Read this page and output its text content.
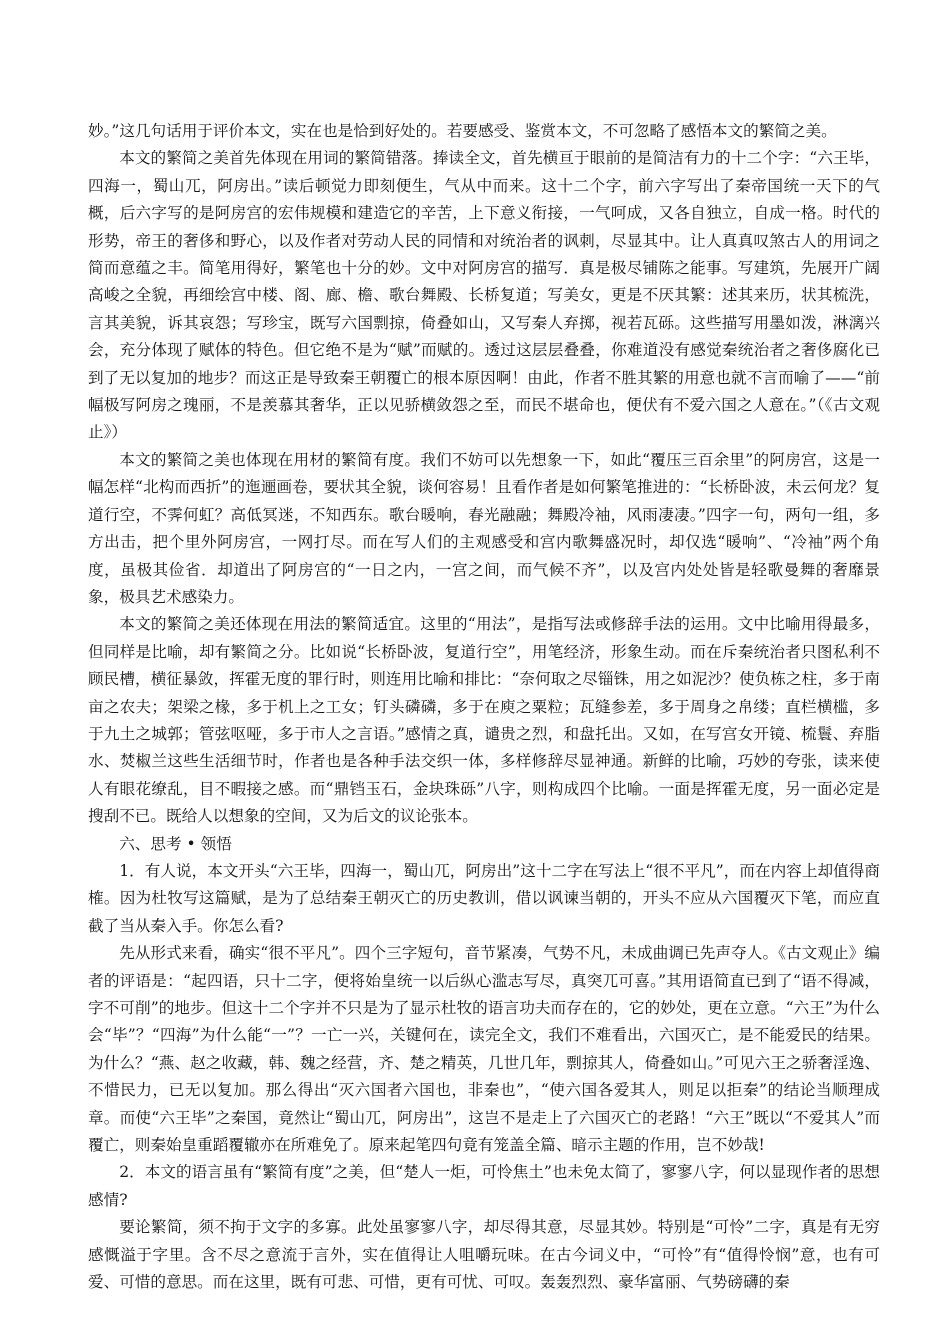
妙。”这几句话用于评价本文，实在也是恰到好处的。若要感受、鉴赏本文，不可忽略了感悟本文的繁简之美。

本文的繁简之美首先体现在用词的繁简错落。捧读全文，首先横亘于眼前的是简洁有力的十二个字：“六王毕，四海一，蜀山兀，阿房出。”读后顿觉力即刻便生，气从中而来。这十二个字，前六字写出了秦帝国统一天下的气概，后六字写的是阿房宫的宏伟规模和建造它的辛苦，上下意义衔接，一气呵成，又各自独立，自成一格。时代的形势，帝王的奢侈和野心，以及作者对劳动人民的同情和对统治者的讽刺，尽显其中。让人真真叹煞古人的用词之简而意蕴之丰。简笔用得好，繁笔也十分的妙。文中对阿房宫的描写．真是极尽铺陈之能事。写建筑，先展开广阔高峻之全貌，再细绘宫中楼、阁、廊、檐、歌台舞殿、长桥复道；写美女，更是不厌其繁：述其来历，状其梳洗，言其美貌，诉其哀怨；写珍宝，既写六国剽掠，倚叠如山，又写秦人弃掷，视若瓦砾。这些描写用墨如泼，淋漓兴会，充分体现了赋体的特色。但它绝不是为“赋”而赋的。透过这层层叠叠，你难道没有感觉秦统治者之奢侈腐化已到了无以复加的地步？而这正是导致秦王朝覆亡的根本原因啊！由此，作者不胜其繁的用意也就不言而喻了——“前幅极写阿房之瑰丽，不是羡慕其奢华，正以见骄横敛怨之至，而民不堪命也，便伏有不爱六国之人意在。”（《古文观止》）

本文的繁简之美也体现在用材的繁简有度。我们不妨可以先想象一下，如此“覆压三百余里”的阿房宫，这是一幅怎样“北构而西折”的迤逦画卷，要状其全貌，谈何容易！且看作者是如何繁笔推进的：“长桥卧波，未云何龙？复道行空，不霁何虹？高低冥迷，不知西东。歌台暖响，春光融融；舞殿冷袖，风雨凄凄。”四字一句，两句一组，多方出击，把个里外阿房宫，一网打尽。而在写人们的主观感受和宫内歌舞盛况时，却仅选“暖响”、“冷袖”两个角度，虽极其俭省．却道出了阿房宫的“一日之内，一宫之间，而气候不齐”，以及宫内处处皆是轻歌曼舞的奢靡景象，极具艺术感染力。

本文的繁简之美还体现在用法的繁简适宜。这里的“用法”，是指写法或修辞手法的运用。文中比喻用得最多，但同样是比喻，却有繁简之分。比如说“长桥卧波，复道行空”，用笔经济，形象生动。而在斥秦统治者只图私利不顾民槽，横征暴敛，挥霍无度的罪行时，则连用比喻和排比：“奈何取之尽锱铢，用之如泥沙？使负栋之柱，多于南亩之农夫；架梁之椽，多于机上之工女；钉头磷磷，多于在庾之粟粒；瓦缝参差，多于周身之帛缕；直栏横槛，多于九土之城郭；管弦呕哑，多于市人之言语。”感情之真，谴贵之烈，和盘托出。又如，在写宫女开镜、梳鬟、弃脂水、焚椒兰这些生活细节时，作者也是各种手法交织一体，多样修辞尽显神通。新鲜的比喻，巧妙的夸张，读来使人有眼花缭乱，目不暇接之感。而“鼎铛玉石，金块珠砾”八字，则构成四个比喻。一面是挥霍无度，另一面必定是搜刮不已。既给人以想象的空间，又为后文的议论张本。

六、思考 • 领悟

1．有人说，本文开头“六王毕，四海一，蜀山兀，阿房出”这十二字在写法上“很不平凡”，而在内容上却值得商榷。因为杜牧写这篇赋，是为了总结秦王朝灭亡的历史教训，借以讽谏当朝的，开头不应从六国覆灭下笔，而应直截了当从秦入手。你怎么看?

先从形式来看，确实“很不平凡”。四个三字短句，音节紧凑，气势不凡，未成曲调已先声夺人。《古文观止》编者的评语是：“起四语，只十二字，便将始皇统一以后纵心滥志写尽，真突兀可喜。”其用语简直已到了“语不得减，字不可削”的地步。但这十二个字并不只是为了显示杜牧的语言功夫而存在的，它的妙处，更在立意。“六王”为什么会“毕”？“四海”为什么能“一”？一亡一兴，关键何在，读完全文，我们不难看出，六国灭亡，是不能爱民的结果。为什么？“燕、赵之收藏，韩、魏之经营，齐、楚之精英，几世几年，剽掠其人，倚叠如山。”可见六王之骄奢淫逸、不惜民力，已无以复加。那么得出“灭六国者六国也，非秦也”，“使六国各爱其人，则足以拒秦”的结论当顺理成章。而使“六王毕”之秦国，竟然让“蜀山兀，阿房出”，这岂不是走上了六国灭亡的老路！“六王”既以“不爱其人”而覆亡，则秦始皇重蹈覆辙亦在所难免了。原来起笔四句竟有笼盖全篇、暗示主题的作用，岂不妙哉!

2．本文的语言虽有“繁简有度”之美，但“楚人一炬，可怜焦土”也未免太简了，寥寥八字，何以显现作者的思想感情?

要论繁简，须不拘于文字的多寡。此处虽寥寥八字，却尽得其意，尽显其妙。特别是“可怜”二字，真是有无穷感慨溢于字里。含不尽之意流于言外，实在值得让人咀嚼玩味。在古今词义中，“可怜”有“值得怜悯”意，也有可爱、可惜的意思。而在这里，既有可悲、可惜，更有可忧、可叹。轰轰烈烈、豪华富丽、气势磅礴的秦
